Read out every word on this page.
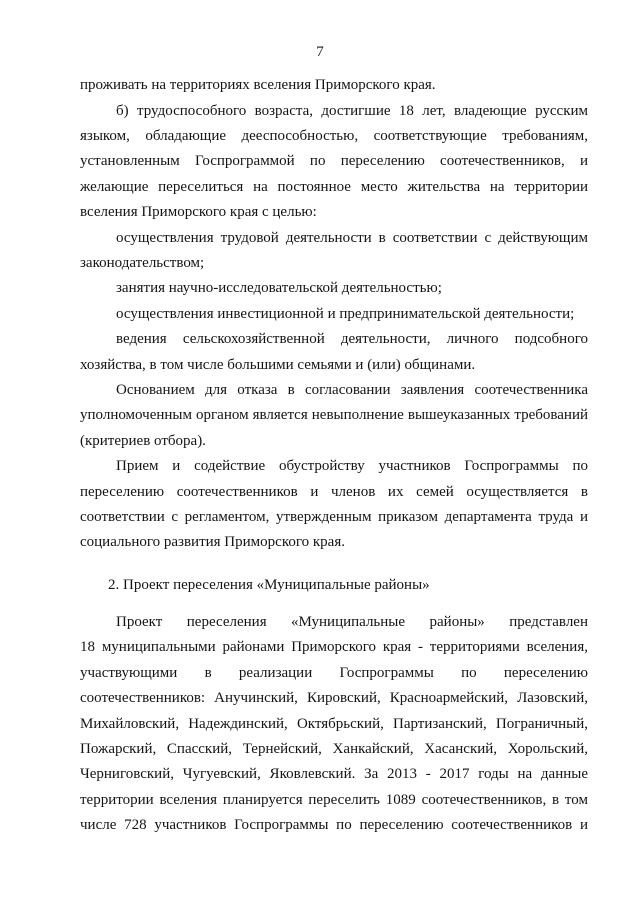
7
проживать на территориях вселения Приморского края.
б) трудоспособного возраста, достигшие 18 лет, владеющие русским
языком, обладающие дееспособностью, соответствующие требованиям,
установленным Госпрограммой по переселению соотечественников, и
желающие переселиться на постоянное место жительства на территории
вселения Приморского края с целью:
осуществления трудовой деятельности в соответствии с действующим
законодательством;
занятия научно-исследовательской деятельностью;
осуществления инвестиционной и предпринимательской деятельности;
ведения сельскохозяйственной деятельности, личного подсобного
хозяйства, в том числе большими семьями и (или) общинами.
Основанием для отказа в согласовании заявления соотечественника
уполномоченным органом является невыполнение вышеуказанных требований
(критериев отбора).
Прием и содействие обустройству участников Госпрограммы по
переселению соотечественников и членов их семей осуществляется в
соответствии с регламентом, утвержденным приказом департамента труда и
социального развития Приморского края.
2. Проект переселения «Муниципальные районы»
Проект переселения «Муниципальные районы» представлен
18 муниципальными районами Приморского края - территориями вселения,
участвующими в реализации Госпрограммы по переселению
соотечественников: Анучинский, Кировский, Красноармейский, Лазовский,
Михайловский, Надеждинский, Октябрьский, Партизанский, Пограничный,
Пожарский, Спасский, Тернейский, Ханкайский, Хасанский, Хорольский,
Черниговский, Чугуевский, Яковлевский. За 2013 - 2017 годы на данные
территории вселения планируется переселить 1089 соотечественников, в том
числе 728 участников Госпрограммы по переселению соотечественников и
